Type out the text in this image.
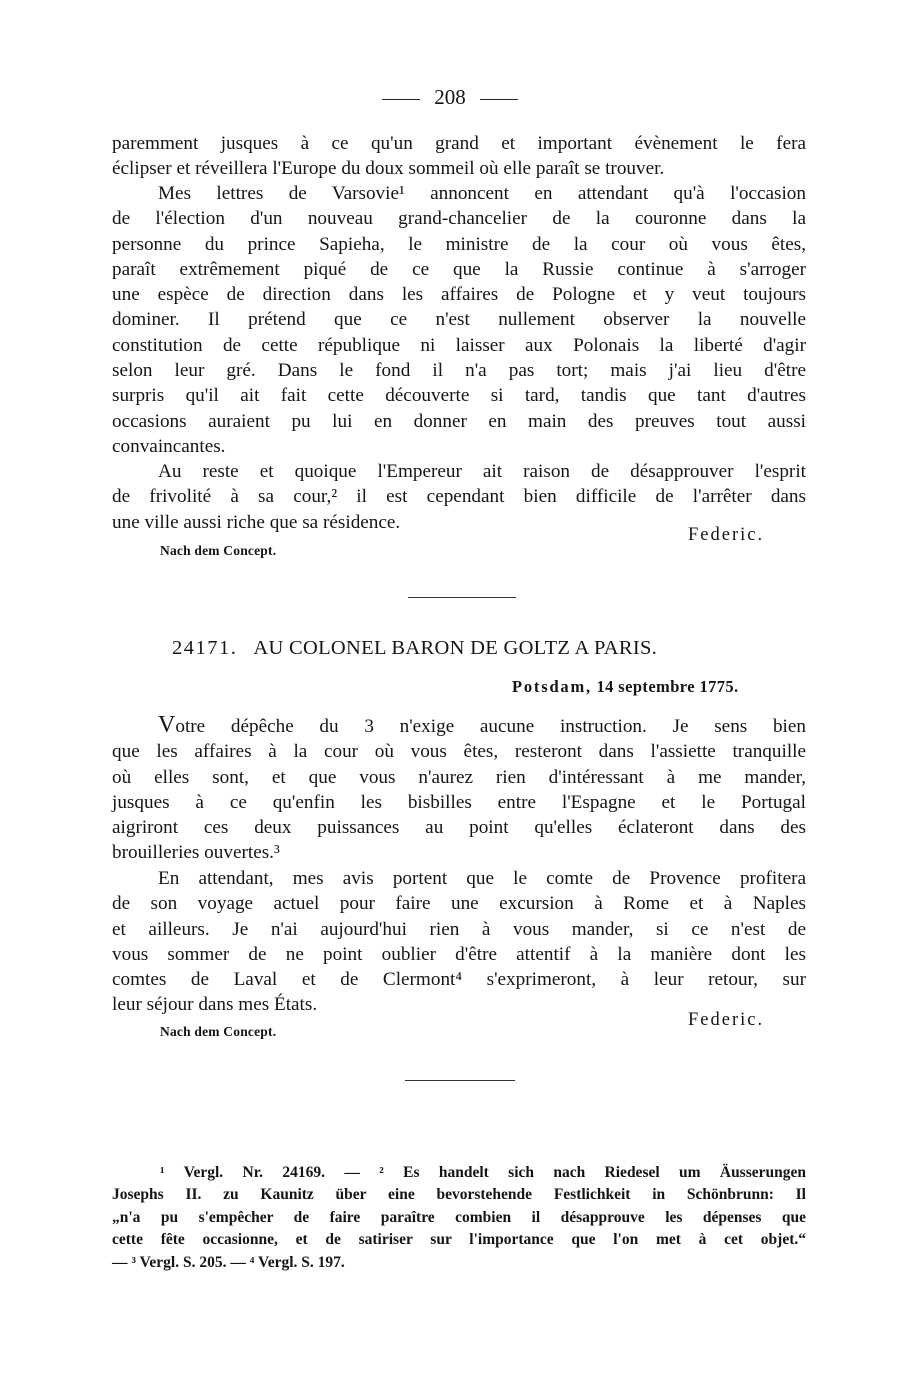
208

paremment jusques à ce qu'un grand et important évènement le fera

éclipser et réveillera l'Europe du doux sommeil où elle paraît se trouver.

Mes lettres de Varsovie¹ annoncent en attendant qu'à l'occasion

de l'élection d'un nouveau grand-chancelier de la couronne dans la

personne du prince Sapieha, le ministre de la cour où vous êtes,

paraît extrêmement piqué de ce que la Russie continue à s'arroger

une espèce de direction dans les affaires de Pologne et y veut toujours

dominer. Il prétend que ce n'est nullement observer la nouvelle

constitution de cette république ni laisser aux Polonais la liberté d'agir

selon leur gré. Dans le fond il n'a pas tort; mais j'ai lieu d'être

surpris qu'il ait fait cette découverte si tard, tandis que tant d'autres

occasions auraient pu lui en donner en main des preuves tout aussi

convaincantes.

Au reste et quoique l'Empereur ait raison de désapprouver l'esprit

de frivolité à sa cour,² il est cependant bien difficile de l'arrêter dans

une ville aussi riche que sa résidence.

Federic.
Nach dem Concept.
24171. AU COLONEL BARON DE GOLTZ A PARIS.
Potsdam, 14 septembre 1775.

Votre dépêche du 3 n'exige aucune instruction. Je sens bien

que les affaires à la cour où vous êtes, resteront dans l'assiette tranquille

où elles sont, et que vous n'aurez rien d'intéressant à me mander,

jusques à ce qu'enfin les bisbilles entre l'Espagne et le Portugal

aigriront ces deux puissances au point qu'elles éclateront dans des

brouilleries ouvertes.³

En attendant, mes avis portent que le comte de Provence profitera

de son voyage actuel pour faire une excursion à Rome et à Naples

et ailleurs. Je n'ai aujourd'hui rien à vous mander, si ce n'est de

vous sommer de ne point oublier d'être attentif à la manière dont les

comtes de Laval et de Clermont⁴ s'exprimeront, à leur retour, sur

leur séjour dans mes États.

Federic.
Nach dem Concept.

¹ Vergl. Nr. 24169. — ² Es handelt sich nach Riedesel um Äusserungen

Josephs II. zu Kaunitz über eine bevorstehende Festlichkeit in Schönbrunn: Il

„n'a pu s'empêcher de faire paraître combien il désapprouve les dépenses que

cette fête occasionne, et de satiriser sur l'importance que l'on met à cet objet.“

— ³ Vergl. S. 205. — ⁴ Vergl. S. 197.
